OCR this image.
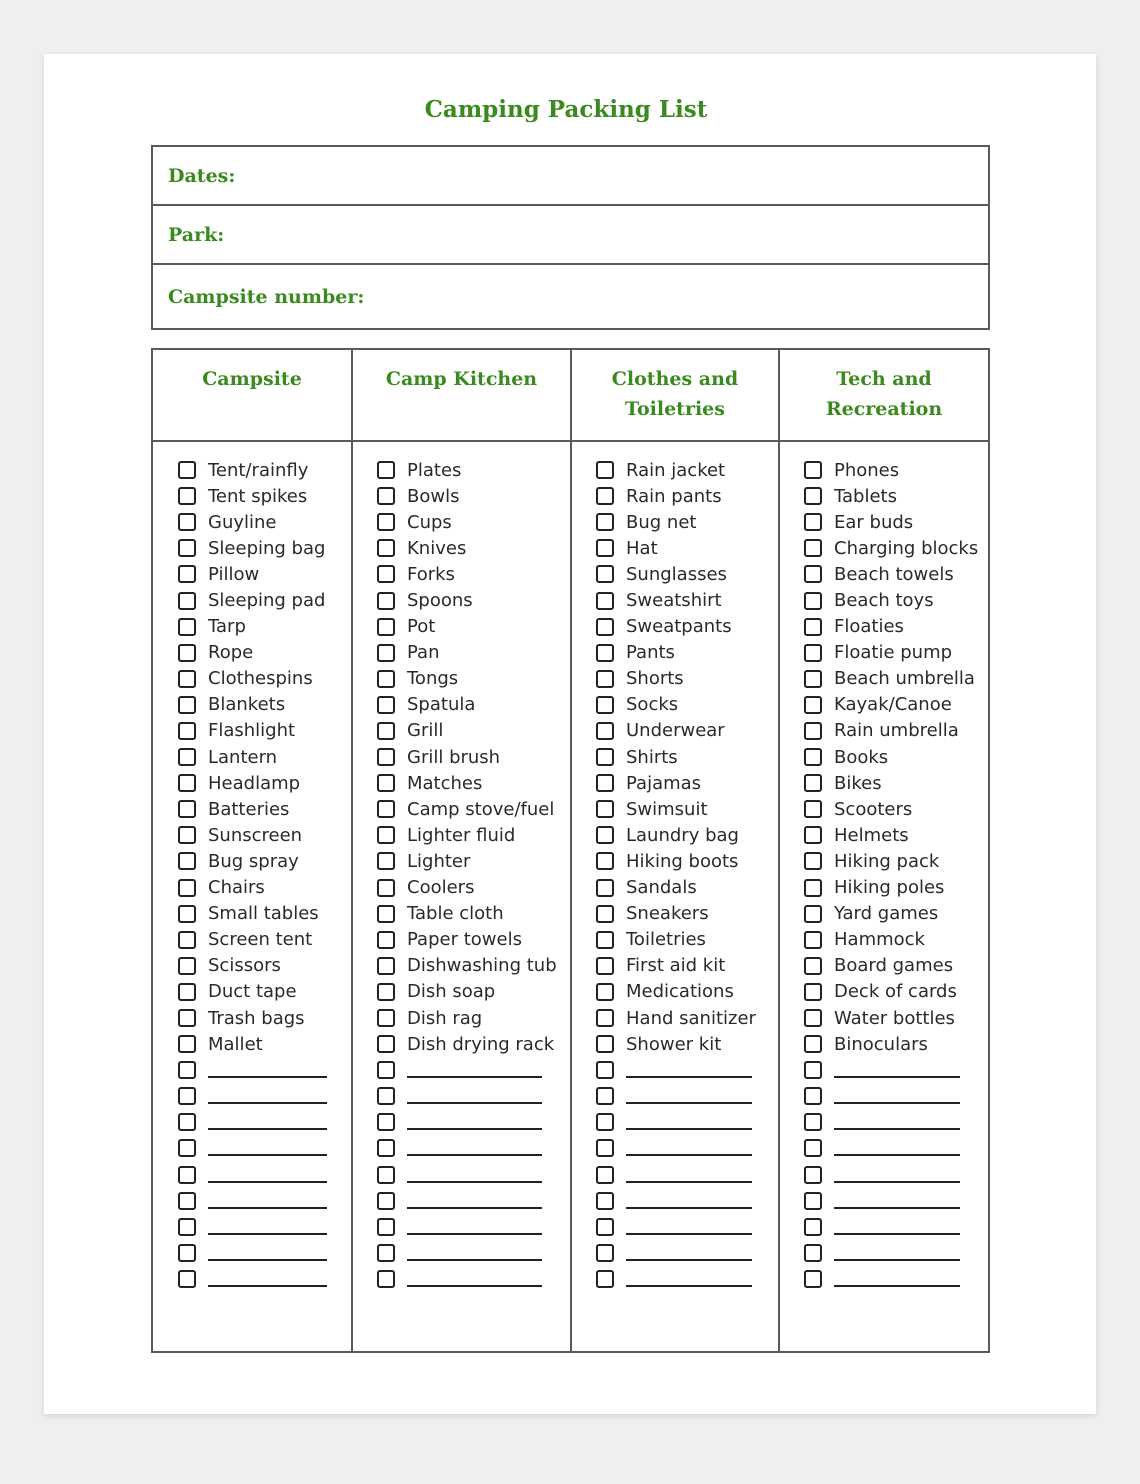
Camping Packing List
Dates:
Park:
Campsite number:
Campsite
Tent/rainfly
Tent spikes
Guyline
Sleeping bag
Pillow
Sleeping pad
Tarp
Rope
Clothespins
Blankets
Flashlight
Lantern
Headlamp
Batteries
Sunscreen
Bug spray
Chairs
Small tables
Screen tent
Scissors
Duct tape
Trash bags
Mallet
Camp Kitchen
Plates
Bowls
Cups
Knives
Forks
Spoons
Pot
Pan
Tongs
Spatula
Grill
Grill brush
Matches
Camp stove/fuel
Lighter fluid
Lighter
Coolers
Table cloth
Paper towels
Dishwashing tub
Dish soap
Dish rag
Dish drying rack
Clothes and
Toiletries
Rain jacket
Rain pants
Bug net
Hat
Sunglasses
Sweatshirt
Sweatpants
Pants
Shorts
Socks
Underwear
Shirts
Pajamas
Swimsuit
Laundry bag
Hiking boots
Sandals
Sneakers
Toiletries
First aid kit
Medications
Hand sanitizer
Shower kit
Tech and
Recreation
Phones
Tablets
Ear buds
Charging blocks
Beach towels
Beach toys
Floaties
Floatie pump
Beach umbrella
Kayak/Canoe
Rain umbrella
Books
Bikes
Scooters
Helmets
Hiking pack
Hiking poles
Yard games
Hammock
Board games
Deck of cards
Water bottles
Binoculars
